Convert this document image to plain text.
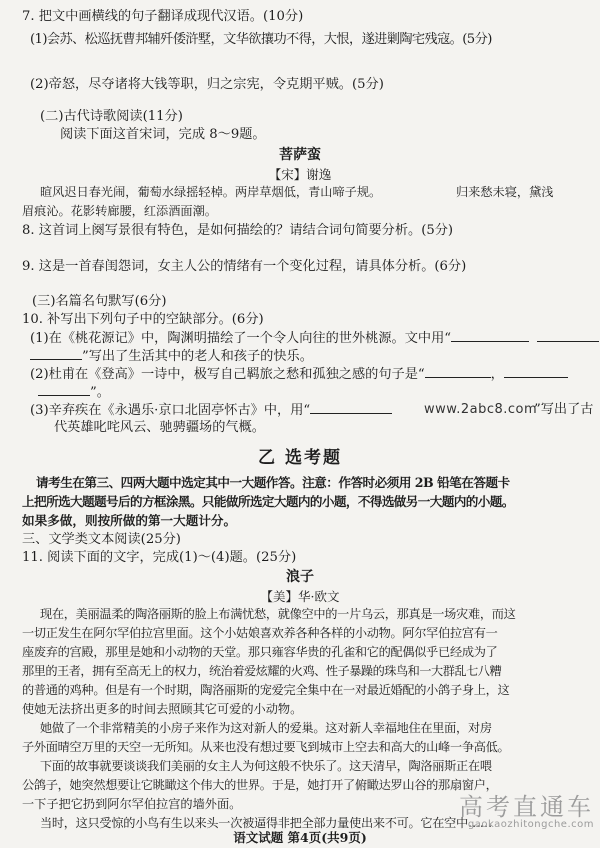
7. 把文中画横线的句子翻译成现代汉语。(10分)
(1)会苏、松巡抚曹邦辅歼倭浒墅，文华欲攘功不得，大恨，遂进剿陶宅残寇。(5分)
(2)帝怒，尽夺诸将大钱等职，归之宗宪，令克期平贼。(5分)
(二)古代诗歌阅读(11分)
阅读下面这首宋词，完成 8～9题。
菩萨蛮
【宋】谢逸
暄风迟日春光闹，葡萄水绿摇轻棹。两岸草烟低，青山啼子规。	归来愁未寝，黛浅
眉痕沁。花影转廊腰，红添酒面潮。
8. 这首词上阕写景很有特色，是如何描绘的？请结合词句简要分析。(5分)
9. 这是一首春闺怨词，女主人公的情绪有一个变化过程，请具体分析。(6分)
(三)名篇名句默写(6分)
10. 补写出下列句子中的空缺部分。(6分)
(1)在《桃花源记》中，陶渊明描绘了一个令人向往的世外桃源。文中用“
”写出了生活其中的老人和孩子的快乐。
(2)杜甫在《登高》一诗中，极写自己羁旅之愁和孤独之感的句子是“	，
”。
(3)辛弃疾在《永遇乐·京口北固亭怀古》中，用“	”写出了古
www.2abc8.com
代英雄叱咤风云、驰骋疆场的气概。
乙 选考题
请考生在第三、四两大题中选定其中一大题作答。注意：作答时必须用 2B 铅笔在答题卡
上把所选大题题号后的方框涂黑。只能做所选定大题内的小题，不得选做另一大题内的小题。
如果多做，则按所做的第一大题计分。
三、文学类文本阅读(25分)
11. 阅读下面的文字，完成(1)～(4)题。(25分)
浪子
【美】华·欧文
现在，美丽温柔的陶洛丽斯的脸上布满忧愁，就像空中的一片乌云，那真是一场灾难，而这
一切正发生在阿尔罕伯拉宫里面。这个小姑娘喜欢养各种各样的小动物。阿尔罕伯拉宫有一
座废弃的宫殿，那里是她和小动物的天堂。那只雍容华贵的孔雀和它的配偶似乎已经成为了
那里的王者，拥有至高无上的权力，统治着爱炫耀的火鸡、性子暴躁的珠鸟和一大群乱七八糟
的普通的鸡种。但是有一个时期，陶洛丽斯的宠爱完全集中在一对最近婚配的小鸽子身上，这
使她无法挤出更多的时间去照顾其它可爱的小动物。
她做了一个非常精美的小房子来作为这对新人的爱巢。这对新人幸福地住在里面，对房
子外面晴空万里的天空一无所知。从来也没有想过要飞到城市上空去和高大的山峰一争高低。
下面的故事就要谈谈我们美丽的女主人为何这般不快乐了。这天清早，陶洛丽斯正在喂
公鸽子，她突然想要让它眺瞰这个伟大的世界。于是，她打开了俯瞰达罗山谷的那扇窗户，
一下子把它扔到阿尔罕伯拉宫的墙外面。
当时，这只受惊的小鸟有生以来头一次被逼得非把全部力量使出来不可。它在空中……
语文试题 第4页(共9页)
高考直通车
gaokaozhitongche.com
